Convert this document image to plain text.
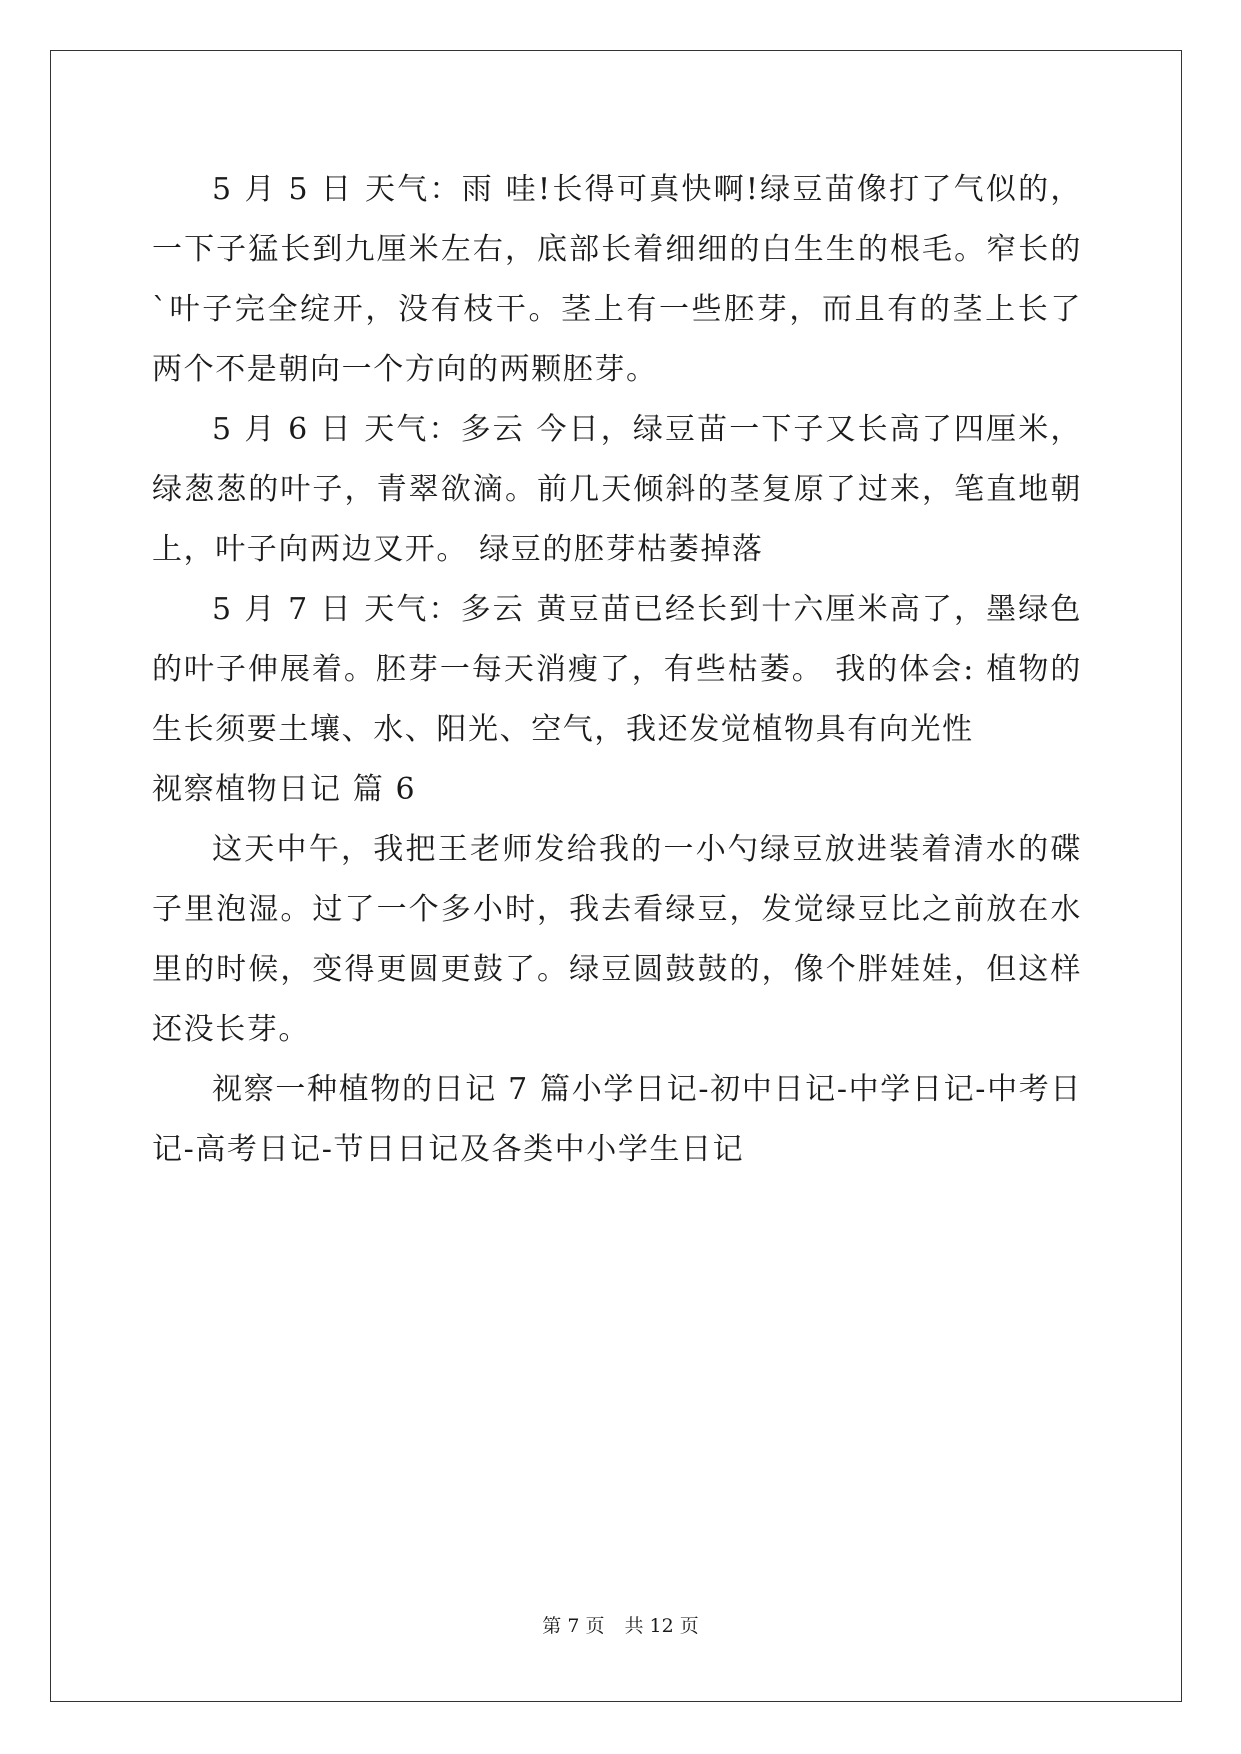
5 月 5 日 天气：雨 哇!长得可真快啊!绿豆苗像打了气似的，一下子猛长到九厘米左右，底部长着细细的白生生的根毛。窄长的`叶子完全绽开，没有枝干。茎上有一些胚芽，而且有的茎上长了两个不是朝向一个方向的两颗胚芽。

5 月 6 日 天气：多云 今日，绿豆苗一下子又长高了四厘米，绿葱葱的叶子，青翠欲滴。前几天倾斜的茎复原了过来，笔直地朝上，叶子向两边叉开。 绿豆的胚芽枯萎掉落

5 月 7 日 天气：多云 黄豆苗已经长到十六厘米高了，墨绿色的叶子伸展着。胚芽一每天消瘦了，有些枯萎。 我的体会: 植物的生长须要土壤、水、阳光、空气，我还发觉植物具有向光性

视察植物日记 篇 6

这天中午，我把王老师发给我的一小勺绿豆放进装着清水的碟子里泡湿。过了一个多小时，我去看绿豆，发觉绿豆比之前放在水里的时候，变得更圆更鼓了。绿豆圆鼓鼓的，像个胖娃娃，但这样还没长芽。

视察一种植物的日记 7 篇小学日记-初中日记-中学日记-中考日记-高考日记-节日日记及各类中小学生日记

第 7 页 共 12 页
